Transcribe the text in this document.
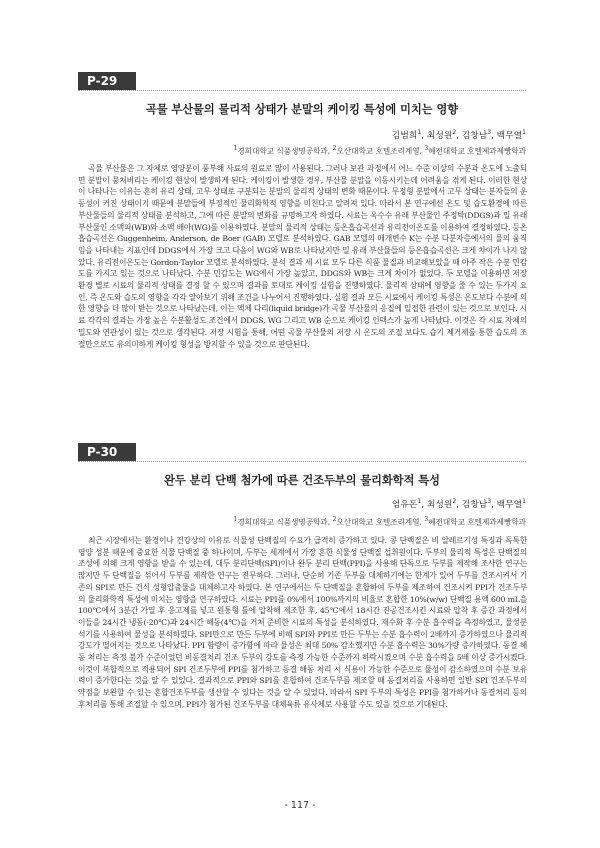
P-29
곡물 부산물의 물리적 상태가 분말의 케이킹 특성에 미치는 영향
김범희$^1$, 최성원$^2$, 김창남$^3$, 백무열$^1$
$^1$경희대학교 식품생명공학과, $^2$오산대학교 호텔조리계열, $^3$혜전대학교 호텔제과제빵학과

곡물 부산물은 그 자체로 영양분이 풍부해 사료의 원료로 많이 사용된다. 그러나 보관 과정에서 어느 수준 이상의 수분과 온도에 노출되면 분말이 뭉쳐버리는 케이킹 현상이 발생하게 된다. 케이킹이 발생한 경우, 부산물 분말을 이동시키는데 어려움을 겪게 된다. 이러한 현상이 나타나는 이유는 흔히 유리 상태, 고무 상태로 구분되는 분말의 물리적 상태의 변화 때문이다. 무정형 분말에서 고무 상태는 분자들의 운동성이 커진 상태이기 때문에 분말들에 부정적인 물리화학적 영향을 미친다고 알려져 있다. 따라서 본 연구에선 온도 및 습도환경에 따른 부산물들의 물리적 상태를 분석하고, 그에 따른 분말의 변화를 규명하고자 하였다. 시료는 옥수수 유래 부산물인 주정박(DDGS)과 밀 유래 부산물인 소맥피(WB)와 소맥 배아(WG)를 이용하였다. 분말의 물리적 상태는 등온흡습곡선과 유리전이온도를 이용하여 결정하였다. 등온흡습곡선은 Guggenheim, Anderson, de Boer (GAB) 모델로 분석하였다. GAB 모델의 매개변수 K는 수분 다분자층에서의 물의 움직임을 나타내는 지표인데 DDGS에서 가장 크고 다음이 WG와 WB로 나타났지만 밀 유래 부산물들의 등온흡습곡선은 크게 차이가 나지 않았다. 유리전이온도는 Gordon-Taylor 모델로 분석하였다. 분석 결과 세 시료 모두 다른 식품 물질과 비교해보았을 때 아주 작은 수분 민감도를 가지고 있는 것으로 나타났다. 수분 민감도는 WG에서 가장 높았고, DDGS와 WB는 크게 차이가 없었다. 두 모델을 이용하면 저장 환경 별로 시료의 물리적 상태를 결정 할 수 있으며 결과를 토대로 케이킹 실험을 진행하였다. 물리적 상태에 영향을 줄 수 있는 두가지 요인, 즉 온도와 습도의 영향을 각각 알아보기 위해 조건을 나누어서 진행하였다. 실험 결과 모든 시료에서 케이킹 특성은 온도보다 수분에 의한 영향을 더 많이 받는 것으로 나타났는데, 이는 액체 다리(liquid bridge)가 곡물 부산물의 응집에 밀접한 관련이 있는 것으로 보인다. 시료 각각의 결과는 가장 높은 수분활성도 조건에서 DDGS, WG 그리고 WB 순으로 케이킹 인덱스가 높게 나타났다. 이것은 각 시료 자체의 밀도와 연관성이 있는 것으로 생각된다. 저장 시험을 통해, 어떤 곡물 부산물의 저장 시 온도의 조절 보다도 습기 제거제를 통한 습도의 조절만으로도 유의미하게 케이킹 형성을 방지할 수 있을 것으로 판단된다.

P-30
완두 분리 단백 첨가에 따른 건조두부의 물리화학적 특성
엄유돈$^1$, 최성원$^2$, 김창남$^3$, 백무열$^1$
$^1$경희대학교 식품생명공학과, $^2$오산대학교 호텔조리계열, $^3$혜전대학교 호텔제과제빵학과

최근 시장에서는 환경이나 건강상의 이유로 식물성 단백질의 수요가 급격히 증가하고 있다. 콩 단백질은 비 알레르기성 특징과 독특한 영양 성분 때문에 중요한 식물 단백질 중 하나이며, 두부는 세계에서 가장 흔한 식물성 단백질 섭취원이다. 두부의 물리적 특성은 단백질의 조성에 의해 크게 영향을 받을 수 있는데, 대두 분리단백(SPI)이나 완두 분리 단백(PPI)을 사용해 단독으로 두부를 제작해 조사한 연구는 많지만 두 단백질을 섞어서 두부를 제작한 연구는 전무하다. 그러나, 단순히 기존 두부를 대체하기에는 한계가 있어 두부를 건조시켜서 기존의 SPI로 만든 건식 성형압출물을 대체하고자 하였다. 본 연구에서는 두 단백질을 혼합하여 두부를 제조하여 건조시켜 PPI가 건조두부의 물리화학적 특성에 미치는 영향을 연구하였다. 시료는 PPI를 0%에서 100%까지의 비율로 혼합한 10%(w/w) 단백질 용액 600 mL을 100℃에서 3분간 가열 후 응고제를 넣고 원통형 틀에 압착해 제조한 후, 45℃에서 18시간 진공건조시킨 시료와 압착 후 증간 과정에서 이들을 24시간 냉동(-20℃)과 24시간 해동(4℃)을 거쳐 준비한 시료의 특성을 분석하였다. 재수화 후 수분 흡수력을 측정하였고, 물성분석기를 사용하여 물성을 분석하였다. SPI만으로 만든 두부에 비해 SPI와 PPI로 만든 두부는 수분 흡수력이 2배까지 증가하였으나 물리적 강도가 떨어지는 것으로 나타났다. PPI 함량이 증가함에 따라 물성은 최대 50% 감소했지만 수분 흡수력은 30%가량 증가하였다. 동결 해동 처리는 측정 불가 수준이었던 비동결처리 건조 두부의 강도를 측정 가능한 수준까지 하락시켰으며 수분 흡수력을 5배 이상 증가시켰다. 이것이 복합적으로 적용되어 SPI 건조두부에 PPI를 첨가하고 동결 해동 처리 시 식용이 가능한 수준으로 물성이 감소하였으며 수분 보유력이 증가한다는 것을 알 수 있었다. 결과적으로 PPI와 SPI를 혼합하여 건조두부를 제조할 때 동결처리를 사용하면 일반 SPI 건조두부의 약점을 보완할 수 있는 혼합건조두부를 생산할 수 있다는 것을 알 수 있었다. 따라서 SPI 두부의 특성은 PPI를 첨가하거나 동결처리 등의 후처리를 통해 조절할 수 있으며, PPI가 첨가된 건조두부를 대체육류 유사체로 사용할 수도 있을 것으로 기대된다.

- 117 -
